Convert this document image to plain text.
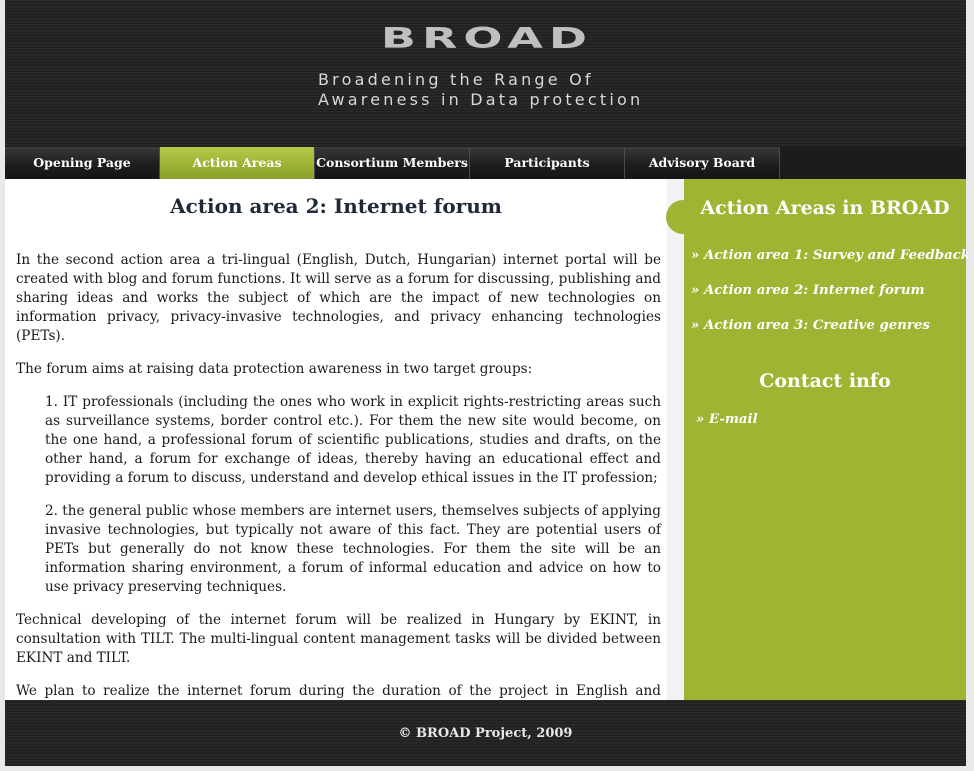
BROAD
Broadening the Range Of
Awareness in Data protection
Opening Page	Action Areas	Consortium Members	Participants	Advisory Board
Action area 2: Internet forum

In the second action area a tri-lingual (English, Dutch, Hungarian) internet portal will be created with blog and forum functions. It will serve as a forum for discussing, publishing and sharing ideas and works the subject of which are the impact of new technologies on information privacy, privacy-invasive technologies, and privacy enhancing technologies (PETs).

The forum aims at raising data protection awareness in two target groups:

1. IT professionals (including the ones who work in explicit rights-restricting areas such as surveillance systems, border control etc.). For them the new site would become, on the one hand, a professional forum of scientific publications, studies and drafts, on the other hand, a forum for exchange of ideas, thereby having an educational effect and providing a forum to discuss, understand and develop ethical issues in the IT profession;

2. the general public whose members are internet users, themselves subjects of applying invasive technologies, but typically not aware of this fact. They are potential users of PETs but generally do not know these technologies. For them the site will be an information sharing environment, a forum of informal education and advice on how to use privacy preserving techniques.

Technical developing of the internet forum will be realized in Hungary by EKINT, in consultation with TILT. The multi-lingual content management tasks will be divided between EKINT and TILT.

We plan to realize the internet forum during the duration of the project in English and

Action Areas in BROAD
» Action area 1: Survey and Feedback
» Action area 2: Internet forum
» Action area 3: Creative genres
Contact info
» E-mail
© BROAD Project, 2009
